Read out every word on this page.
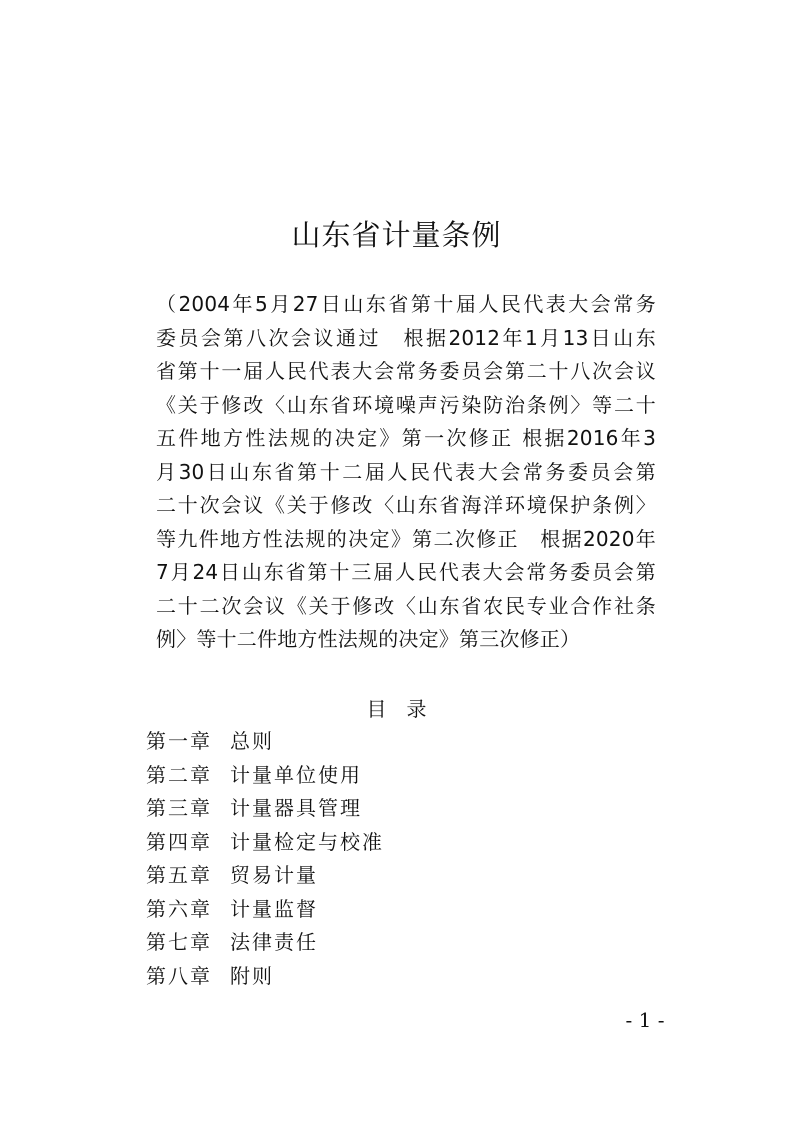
山东省计量条例
（2004年5月27日山东省第十届人民代表大会常务
委员会第八次会议通过　根据2012年1月13日山东
省第十一届人民代表大会常务委员会第二十八次会议
《关于修改〈山东省环境噪声污染防治条例〉等二十
五件地方性法规的决定》第一次修正 根据2016年3
月30日山东省第十二届人民代表大会常务委员会第
二十次会议《关于修改〈山东省海洋环境保护条例〉
等九件地方性法规的决定》第二次修正　根据2020年
7月24日山东省第十三届人民代表大会常务委员会第
二十二次会议《关于修改〈山东省农民专业合作社条
例〉等十二件地方性法规的决定》第三次修正）
目录
第一章 总则
第二章 计量单位使用
第三章 计量器具管理
第四章 计量检定与校准
第五章 贸易计量
第六章 计量监督
第七章 法律责任
第八章 附则
- 1 -
